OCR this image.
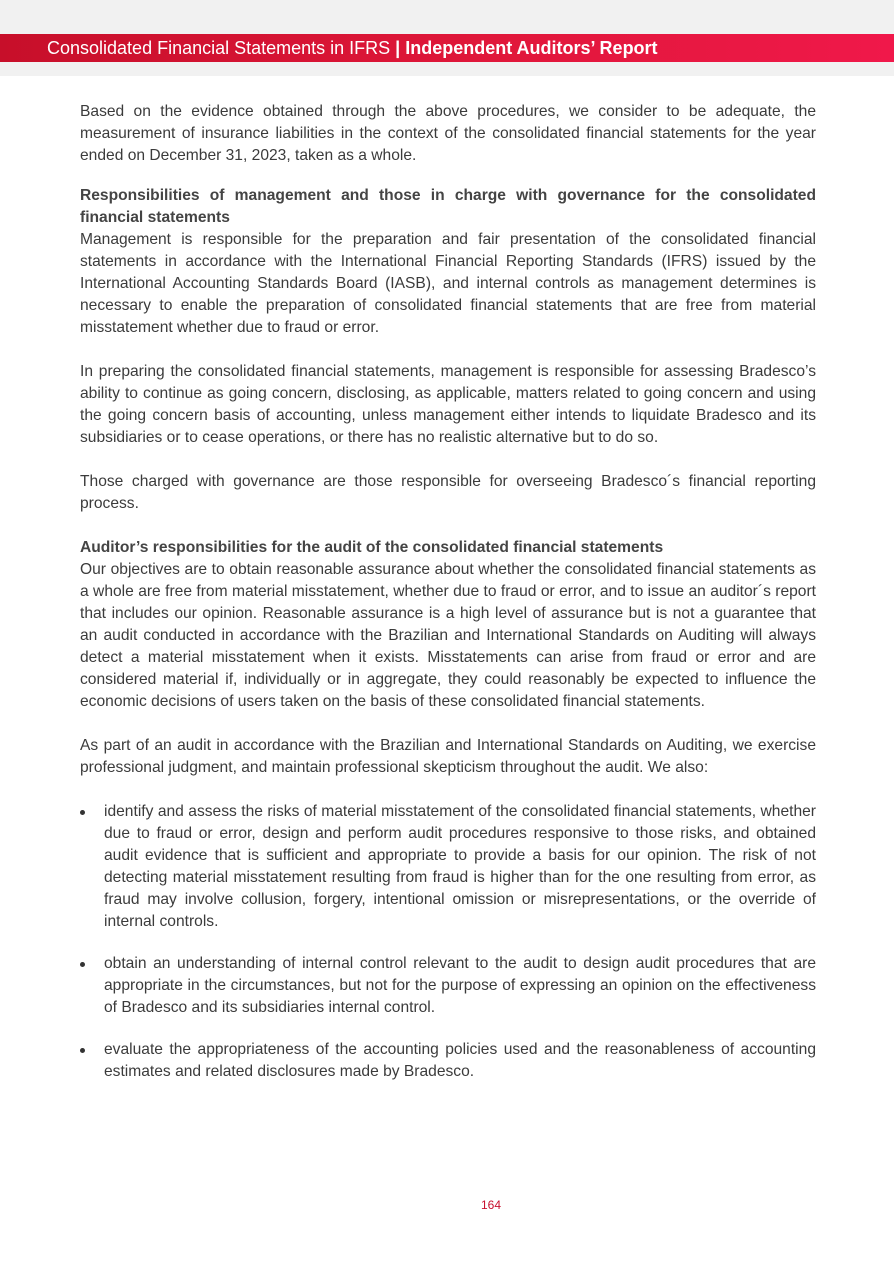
Consolidated Financial Statements in IFRS | Independent Auditors’ Report

Based on the evidence obtained through the above procedures, we consider to be adequate, the measurement of insurance liabilities in the context of the consolidated financial statements for the year ended on December 31, 2023, taken as a whole.

Responsibilities of management and those in charge with governance for the consolidated financial statements

Management is responsible for the preparation and fair presentation of the consolidated financial statements in accordance with the International Financial Reporting Standards (IFRS) issued by the International Accounting Standards Board (IASB), and internal controls as management determines is necessary to enable the preparation of consolidated financial statements that are free from material misstatement whether due to fraud or error.

In preparing the consolidated financial statements, management is responsible for assessing Bradesco’s ability to continue as going concern, disclosing, as applicable, matters related to going concern and using the going concern basis of accounting, unless management either intends to liquidate Bradesco and its subsidiaries or to cease operations, or there has no realistic alternative but to do so.

Those charged with governance are those responsible for overseeing Bradesco´s financial reporting process.

Auditor’s responsibilities for the audit of the consolidated financial statements

Our objectives are to obtain reasonable assurance about whether the consolidated financial statements as a whole are free from material misstatement, whether due to fraud or error, and to issue an auditor´s report that includes our opinion. Reasonable assurance is a high level of assurance but is not a guarantee that an audit conducted in accordance with the Brazilian and International Standards on Auditing will always detect a material misstatement when it exists. Misstatements can arise from fraud or error and are considered material if, individually or in aggregate, they could reasonably be expected to influence the economic decisions of users taken on the basis of these consolidated financial statements.

As part of an audit in accordance with the Brazilian and International Standards on Auditing, we exercise professional judgment, and maintain professional skepticism throughout the audit. We also:

identify and assess the risks of material misstatement of the consolidated financial statements, whether due to fraud or error, design and perform audit procedures responsive to those risks, and obtained audit evidence that is sufficient and appropriate to provide a basis for our opinion. The risk of not detecting material misstatement resulting from fraud is higher than for the one resulting from error, as fraud may involve collusion, forgery, intentional omission or misrepresentations, or the override of internal controls.
obtain an understanding of internal control relevant to the audit to design audit procedures that are appropriate in the circumstances, but not for the purpose of expressing an opinion on the effectiveness of Bradesco and its subsidiaries internal control.
evaluate the appropriateness of the accounting policies used and the reasonableness of accounting estimates and related disclosures made by Bradesco.
164
